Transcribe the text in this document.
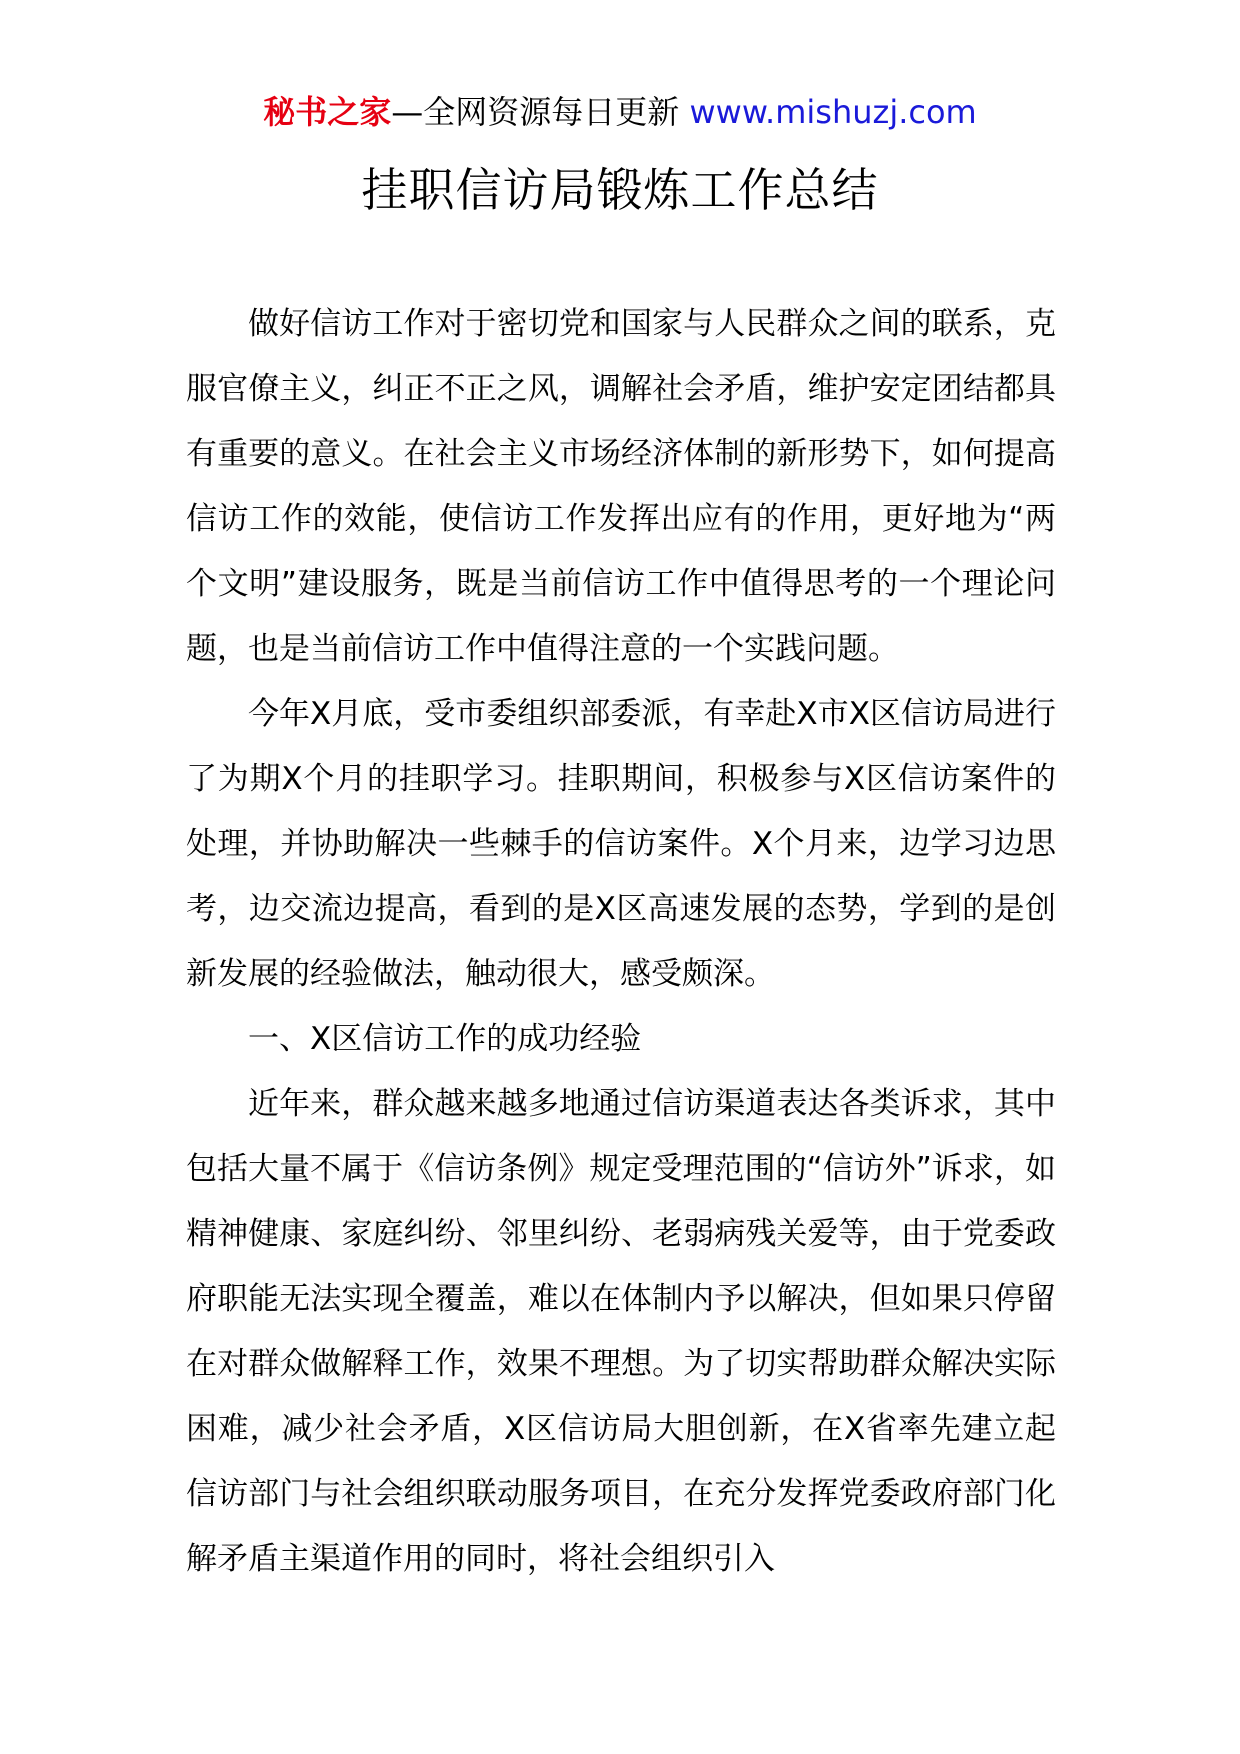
秘书之家—全网资源每日更新 www.mishuzj.com
挂职信访局锻炼工作总结

做好信访工作对于密切党和国家与人民群众之间的联系，克服官僚主义，纠正不正之风，调解社会矛盾，维护安定团结都具有重要的意义。在社会主义市场经济体制的新形势下，如何提高信访工作的效能，使信访工作发挥出应有的作用，更好地为“两个文明”建设服务，既是当前信访工作中值得思考的一个理论问题，也是当前信访工作中值得注意的一个实践问题。

今年X月底，受市委组织部委派，有幸赴X市X区信访局进行了为期X个月的挂职学习。挂职期间，积极参与X区信访案件的处理，并协助解决一些棘手的信访案件。X个月来，边学习边思考，边交流边提高，看到的是X区高速发展的态势，学到的是创新发展的经验做法，触动很大，感受颇深。

一、X区信访工作的成功经验

近年来，群众越来越多地通过信访渠道表达各类诉求，其中包括大量不属于《信访条例》规定受理范围的“信访外”诉求，如精神健康、家庭纠纷、邻里纠纷、老弱病残关爱等，由于党委政府职能无法实现全覆盖，难以在体制内予以解决，但如果只停留在对群众做解释工作，效果不理想。为了切实帮助群众解决实际困难，减少社会矛盾，X区信访局大胆创新，在X省率先建立起信访部门与社会组织联动服务项目，在充分发挥党委政府部门化解矛盾主渠道作用的同时，将社会组织引入
